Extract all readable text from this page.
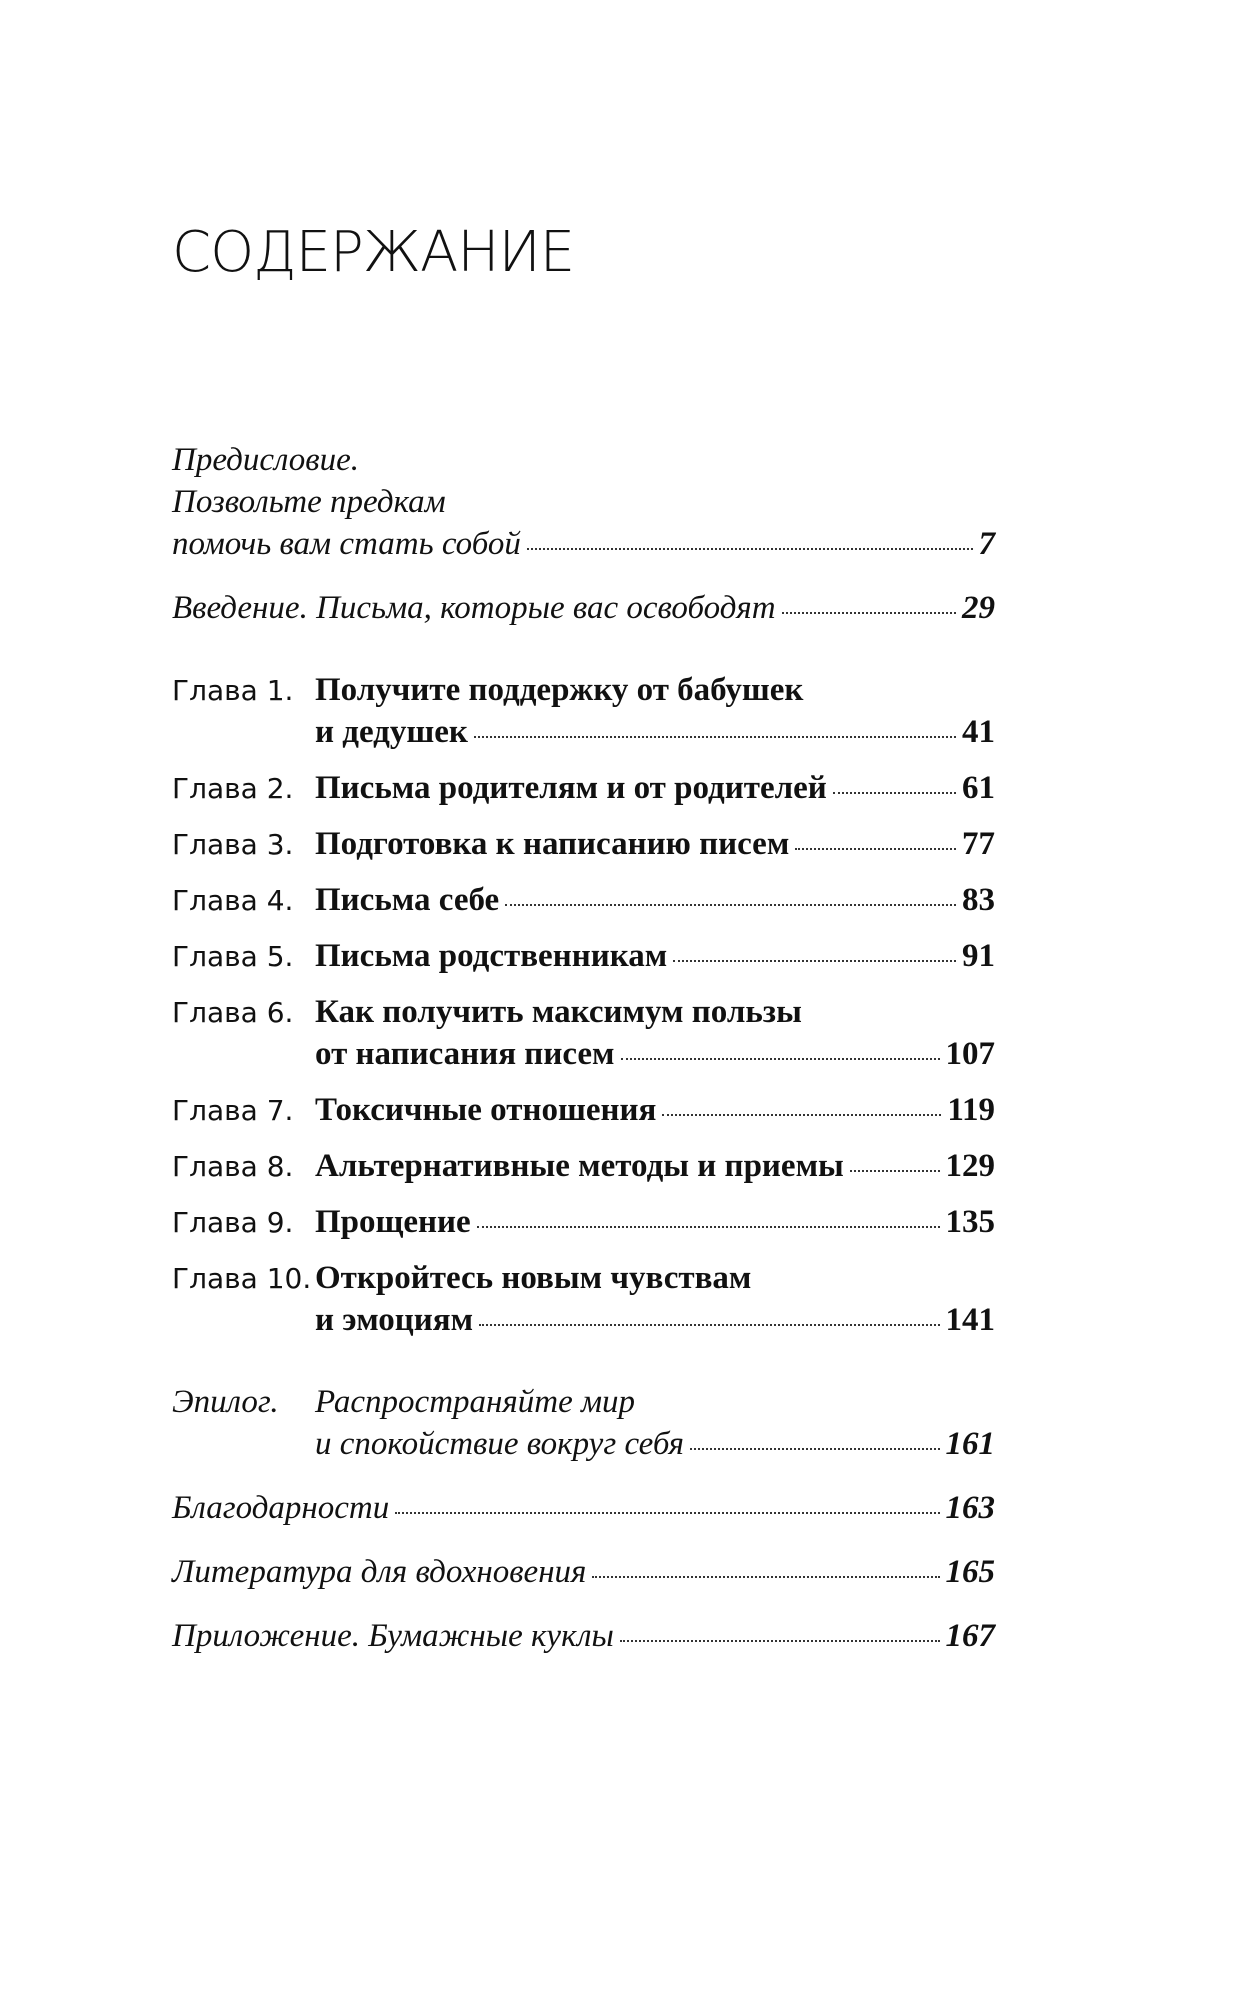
СОДЕРЖАНИЕ
Предисловие.
Позвольте предкам
помочь вам стать собой	7
Введение. Письма, которые вас освободят	29
Глава 1. Получите поддержку от бабушек
и дедушек	41
Глава 2. Письма родителям и от родителей	61
Глава 3. Подготовка к написанию писем	77
Глава 4. Письма себе	83
Глава 5. Письма родственникам	91
Глава 6. Как получить максимум пользы
от написания писем	107
Глава 7. Токсичные отношения	119
Глава 8. Альтернативные методы и приемы	129
Глава 9. Прощение	135
Глава 10. Откройтесь новым чувствам
и эмоциям	141
Эпилог.	Распространяйте мир
и спокойствие вокруг себя	161
Благодарности	163
Литература для вдохновения	165
Приложение. Бумажные куклы	167
